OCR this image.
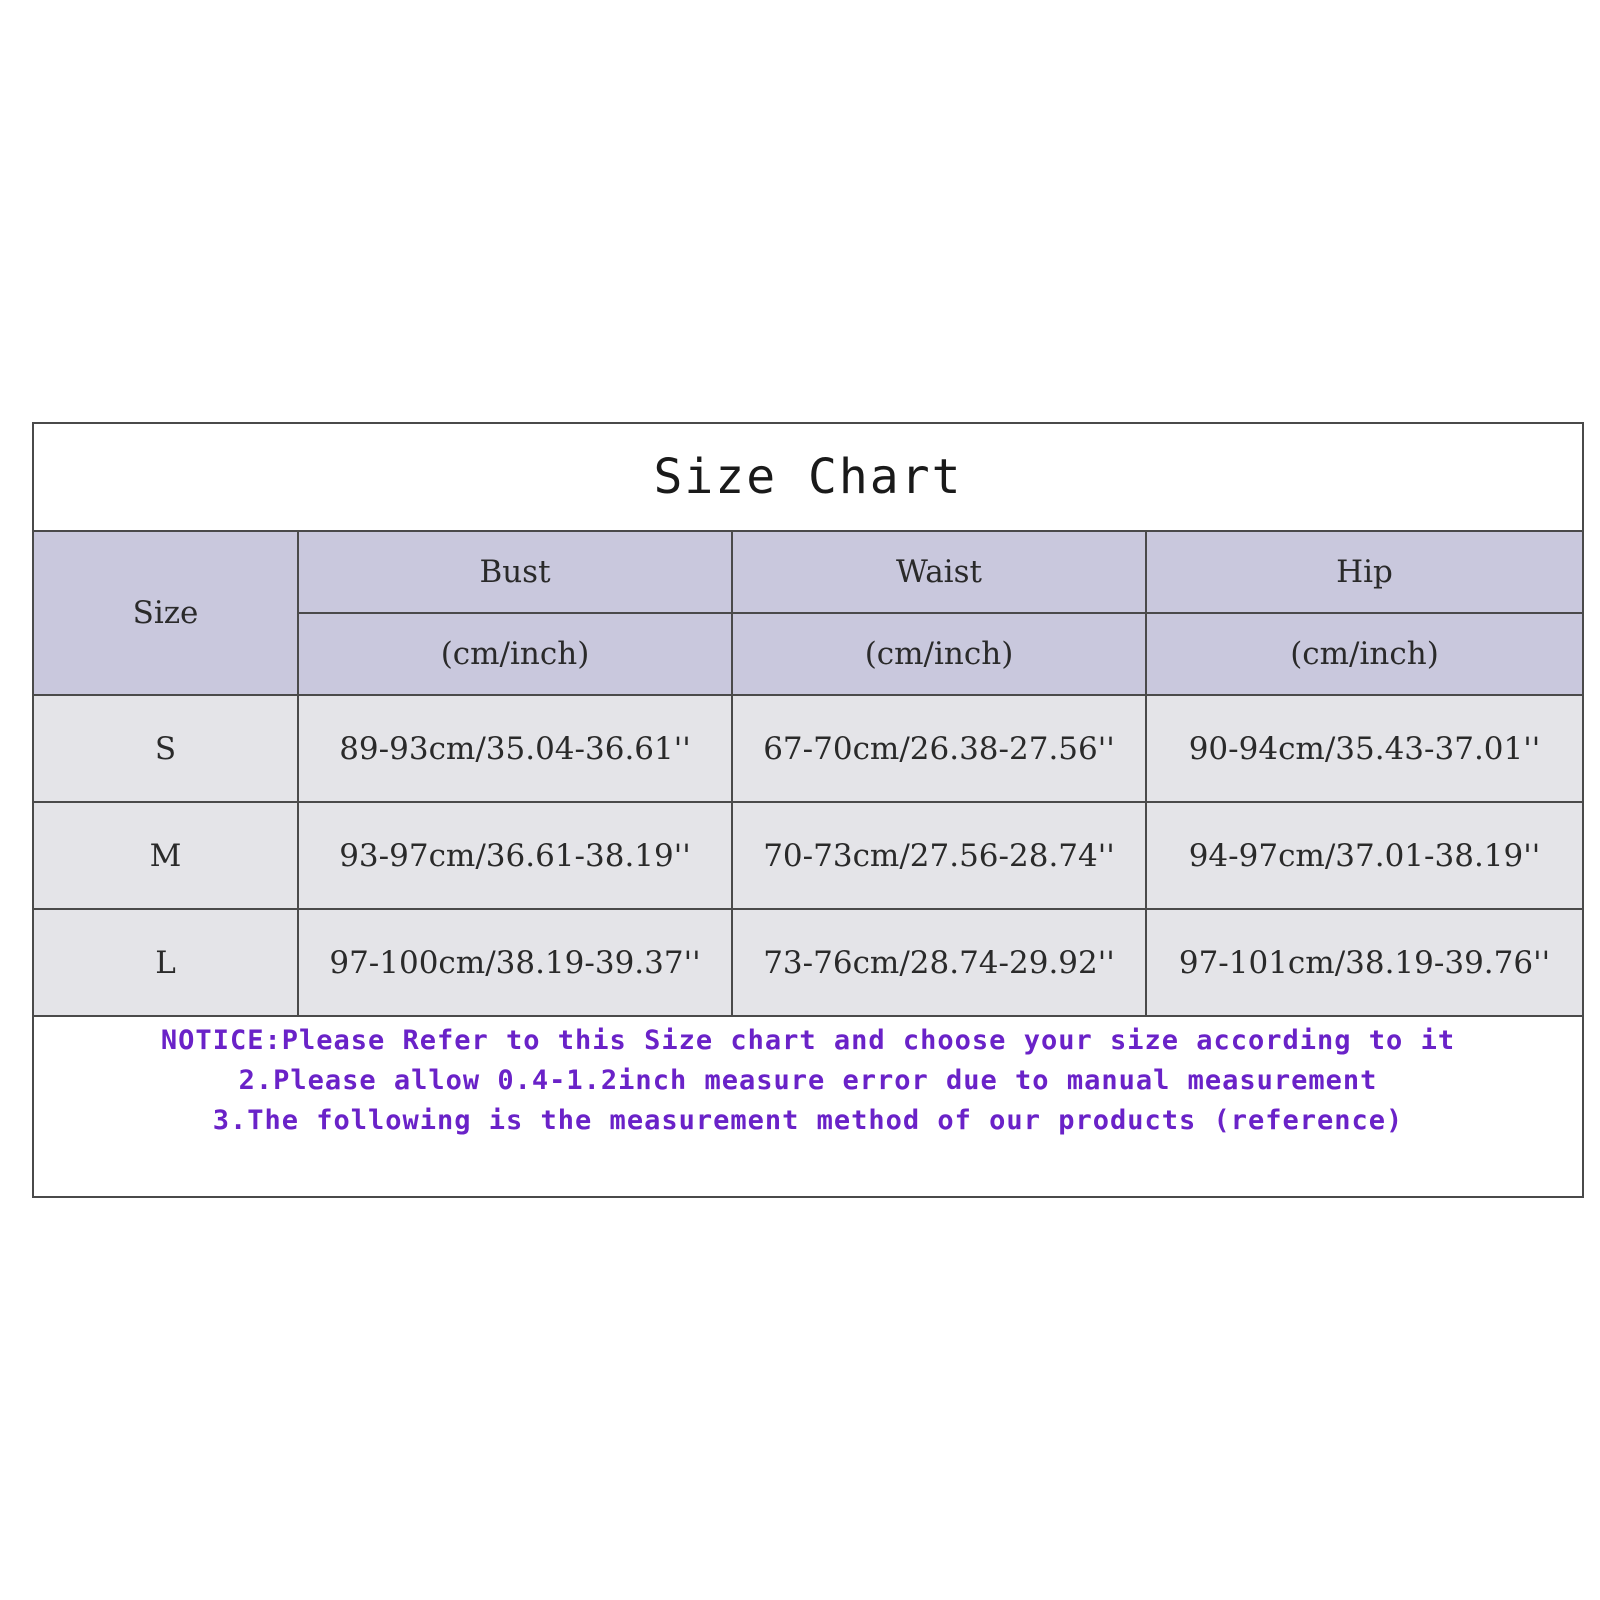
Size Chart
Size	Bust	Waist	Hip
	(cm/inch)	(cm/inch)	(cm/inch)
S	89-93cm/35.04-36.61''	67-70cm/26.38-27.56''	90-94cm/35.43-37.01''
M	93-97cm/36.61-38.19''	70-73cm/27.56-28.74''	94-97cm/37.01-38.19''
L	97-100cm/38.19-39.37''	73-76cm/28.74-29.92''	97-101cm/38.19-39.76''
NOTICE:Please Refer to this Size chart and choose your size according to it
2.Please allow 0.4-1.2inch measure error due to manual measurement
3.The following is the measurement method of our products (reference)
